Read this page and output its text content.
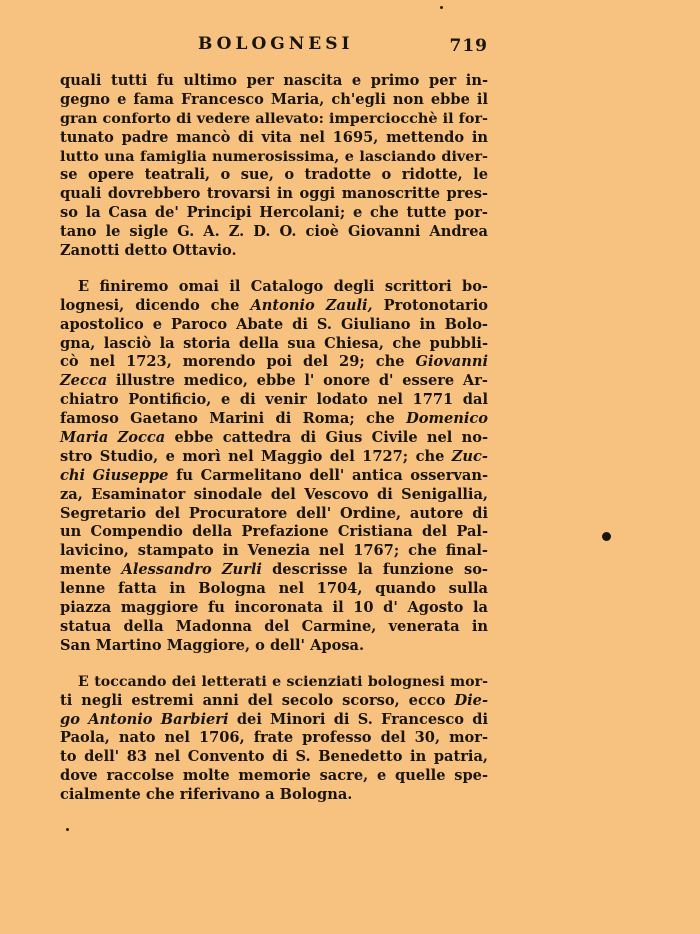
BOLOGNESI	719
quali tutti fu ultimo per nascita e primo per in-
gegno e fama Francesco Maria, ch'egli non ebbe il
gran conforto di vedere allevato: imperciocchè il for-
tunato padre mancò di vita nel 1695, mettendo in
lutto una famiglia numerosissima, e lasciando diver-
se opere teatrali, o sue, o tradotte o ridotte, le
quali dovrebbero trovarsi in oggi manoscritte pres-
so la Casa de' Principi Hercolani; e che tutte por-
tano le sigle G. A. Z. D. O. cioè Giovanni Andrea
Zanotti detto Ottavio.
E finiremo omai il Catalogo degli scrittori bo-
lognesi, dicendo che Antonio Zauli, Protonotario
apostolico e Paroco Abate di S. Giuliano in Bolo-
gna, lasciò la storia della sua Chiesa, che pubbli-
cò nel 1723, morendo poi del 29; che Giovanni
Zecca illustre medico, ebbe l' onore d' essere Ar-
chiatro Pontificio, e di venir lodato nel 1771 dal
famoso Gaetano Marini di Roma; che Domenico
Maria Zocca ebbe cattedra di Gius Civile nel no-
stro Studio, e morì nel Maggio del 1727; che Zuc-
chi Giuseppe fu Carmelitano dell' antica osservan-
za, Esaminator sinodale del Vescovo di Senigallia,
Segretario del Procuratore dell' Ordine, autore di
un Compendio della Prefazione Cristiana del Pal-
lavicino, stampato in Venezia nel 1767; che final-
mente Alessandro Zurli descrisse la funzione so-
lenne fatta in Bologna nel 1704, quando sulla
piazza maggiore fu incoronata il 10 d' Agosto la
statua della Madonna del Carmine, venerata in
San Martino Maggiore, o dell' Aposa.
E toccando dei letterati e scienziati bolognesi mor-
ti negli estremi anni del secolo scorso, ecco Die-
go Antonio Barbieri dei Minori di S. Francesco di
Paola, nato nel 1706, frate professo del 30, mor-
to dell' 83 nel Convento di S. Benedetto in patria,
dove raccolse molte memorie sacre, e quelle spe-
cialmente che riferivano a Bologna.
